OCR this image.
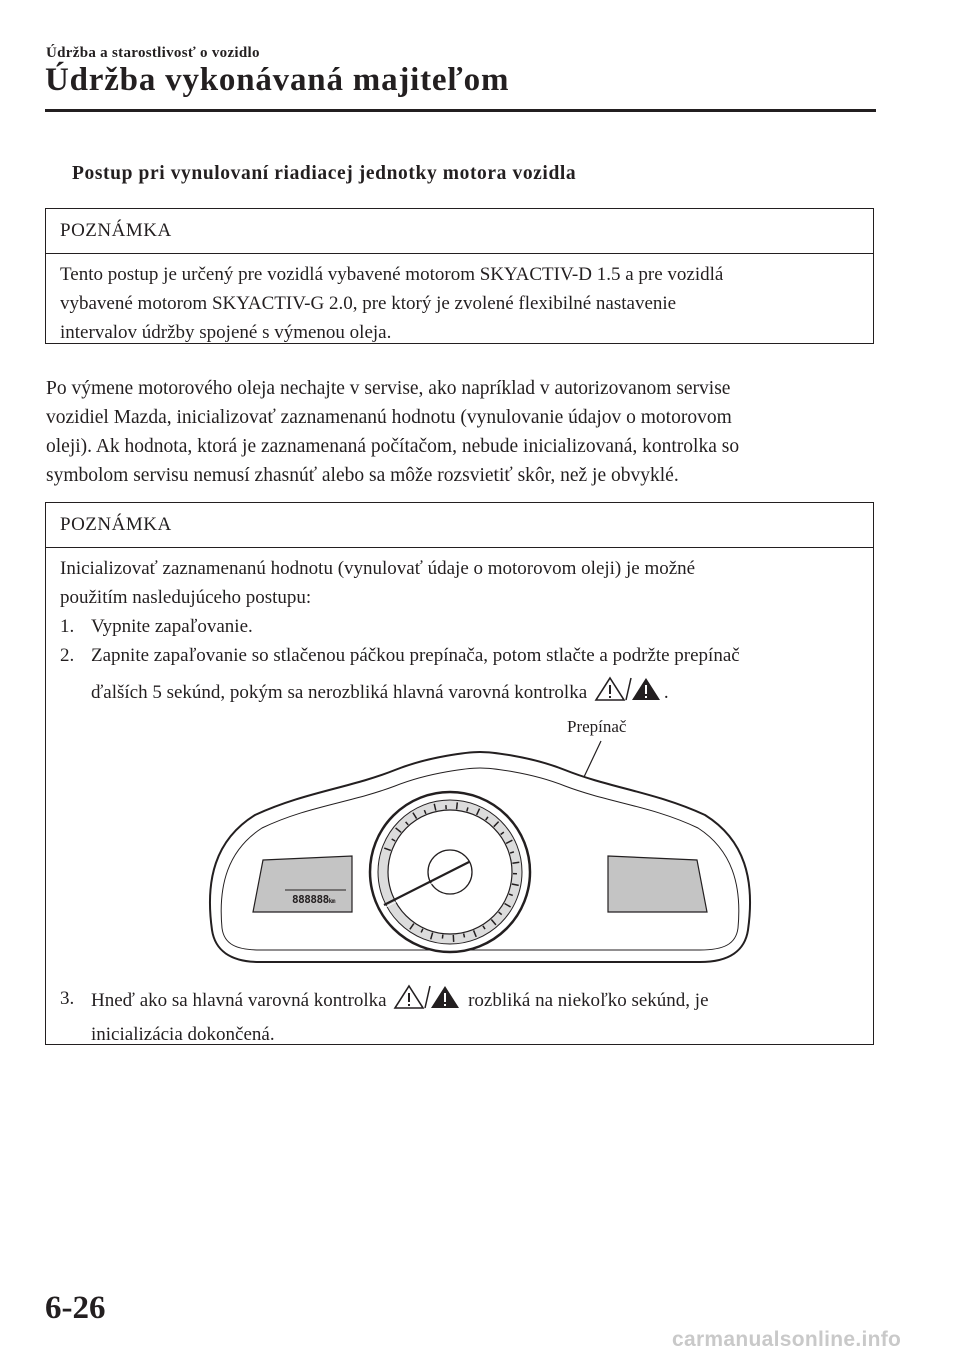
Údržba a starostlivosť o vozidlo
Údržba vykonávaná majiteľom
Postup pri vynulovaní riadiacej jednotky motora vozidla
POZNÁMKA

Tento postup je určený pre vozidlá vybavené motorom SKYACTIV-D 1.5 a pre vozidlá

vybavené motorom SKYACTIV-G 2.0, pre ktorý je zvolené flexibilné nastavenie

intervalov údržby spojené s výmenou oleja.

Po výmene motorového oleja nechajte v servise, ako napríklad v autorizovanom servise
vozidiel Mazda, inicializovať zaznamenanú hodnotu (vynulovanie údajov o motorovom
oleji). Ak hodnota, ktorá je zaznamenaná počítačom, nebude inicializovaná, kontrolka so
symbolom servisu nemusí zhasnúť alebo sa môže rozsvietiť skôr, než je obvyklé.
POZNÁMKA

Inicializovať zaznamenanú hodnotu (vynulovať údaje o motorovom oleji) je možné

použitím nasledujúceho postupu:

1. Vypnite zapaľovanie.
2. Zapnite zapaľovanie so stlačenou páčkou prepínača, potom stlačte a podržte prepínač
ďalších 5 sekúnd, pokým sa nerozbliká hlavná varovná kontrolka	.
Prepínač
888888km
3. Hneď ako sa hlavná varovná kontrolka	rozbliká na niekoľko sekúnd, je
inicializácia dokončená.
6-26
carmanualsonline.info
